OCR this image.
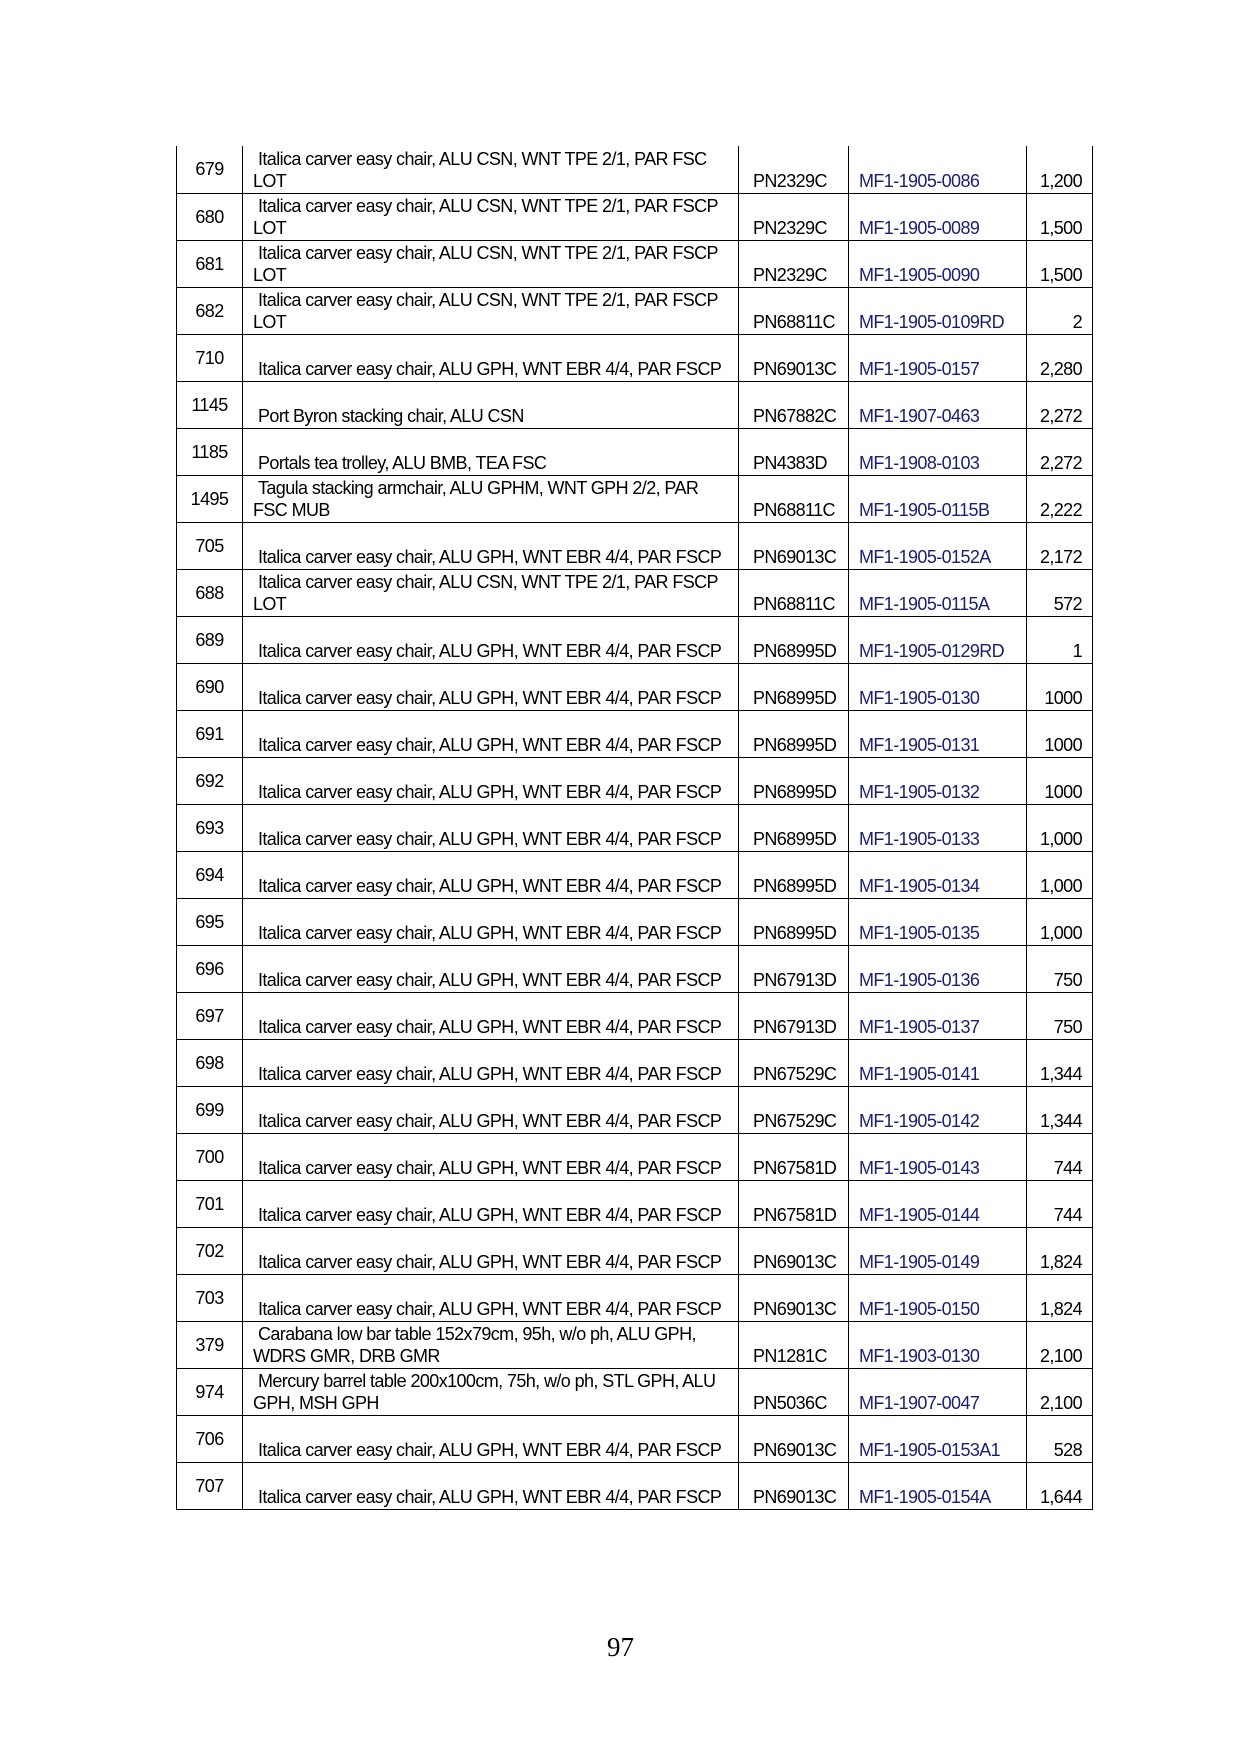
679	Italica carver easy chair, ALU CSN, WNT TPE 2/1, PAR FSC LOT	PN2329C	MF1-1905-0086	1,200
680	Italica carver easy chair, ALU CSN, WNT TPE 2/1, PAR FSCP LOT	PN2329C	MF1-1905-0089	1,500
681	Italica carver easy chair, ALU CSN, WNT TPE 2/1, PAR FSCP LOT	PN2329C	MF1-1905-0090	1,500
682	Italica carver easy chair, ALU CSN, WNT TPE 2/1, PAR FSCP LOT	PN68811C	MF1-1905-0109RD	2
710	Italica carver easy chair, ALU GPH, WNT EBR 4/4, PAR FSCP	PN69013C	MF1-1905-0157	2,280
1145	Port Byron stacking chair, ALU CSN	PN67882C	MF1-1907-0463	2,272
1185	Portals tea trolley, ALU BMB, TEA FSC	PN4383D	MF1-1908-0103	2,272
1495	Tagula stacking armchair, ALU GPHM, WNT GPH 2/2, PAR FSC MUB	PN68811C	MF1-1905-0115B	2,222
705	Italica carver easy chair, ALU GPH, WNT EBR 4/4, PAR FSCP	PN69013C	MF1-1905-0152A	2,172
688	Italica carver easy chair, ALU CSN, WNT TPE 2/1, PAR FSCP LOT	PN68811C	MF1-1905-0115A	572
689	Italica carver easy chair, ALU GPH, WNT EBR 4/4, PAR FSCP	PN68995D	MF1-1905-0129RD	1
690	Italica carver easy chair, ALU GPH, WNT EBR 4/4, PAR FSCP	PN68995D	MF1-1905-0130	1000
691	Italica carver easy chair, ALU GPH, WNT EBR 4/4, PAR FSCP	PN68995D	MF1-1905-0131	1000
692	Italica carver easy chair, ALU GPH, WNT EBR 4/4, PAR FSCP	PN68995D	MF1-1905-0132	1000
693	Italica carver easy chair, ALU GPH, WNT EBR 4/4, PAR FSCP	PN68995D	MF1-1905-0133	1,000
694	Italica carver easy chair, ALU GPH, WNT EBR 4/4, PAR FSCP	PN68995D	MF1-1905-0134	1,000
695	Italica carver easy chair, ALU GPH, WNT EBR 4/4, PAR FSCP	PN68995D	MF1-1905-0135	1,000
696	Italica carver easy chair, ALU GPH, WNT EBR 4/4, PAR FSCP	PN67913D	MF1-1905-0136	750
697	Italica carver easy chair, ALU GPH, WNT EBR 4/4, PAR FSCP	PN67913D	MF1-1905-0137	750
698	Italica carver easy chair, ALU GPH, WNT EBR 4/4, PAR FSCP	PN67529C	MF1-1905-0141	1,344
699	Italica carver easy chair, ALU GPH, WNT EBR 4/4, PAR FSCP	PN67529C	MF1-1905-0142	1,344
700	Italica carver easy chair, ALU GPH, WNT EBR 4/4, PAR FSCP	PN67581D	MF1-1905-0143	744
701	Italica carver easy chair, ALU GPH, WNT EBR 4/4, PAR FSCP	PN67581D	MF1-1905-0144	744
702	Italica carver easy chair, ALU GPH, WNT EBR 4/4, PAR FSCP	PN69013C	MF1-1905-0149	1,824
703	Italica carver easy chair, ALU GPH, WNT EBR 4/4, PAR FSCP	PN69013C	MF1-1905-0150	1,824
379	Carabana low bar table 152x79cm, 95h, w/o ph, ALU GPH, WDRS GMR, DRB GMR	PN1281C	MF1-1903-0130	2,100
974	Mercury barrel table 200x100cm, 75h, w/o ph, STL GPH, ALU GPH, MSH GPH	PN5036C	MF1-1907-0047	2,100
706	Italica carver easy chair, ALU GPH, WNT EBR 4/4, PAR FSCP	PN69013C	MF1-1905-0153A1	528
707	Italica carver easy chair, ALU GPH, WNT EBR 4/4, PAR FSCP	PN69013C	MF1-1905-0154A	1,644
97
